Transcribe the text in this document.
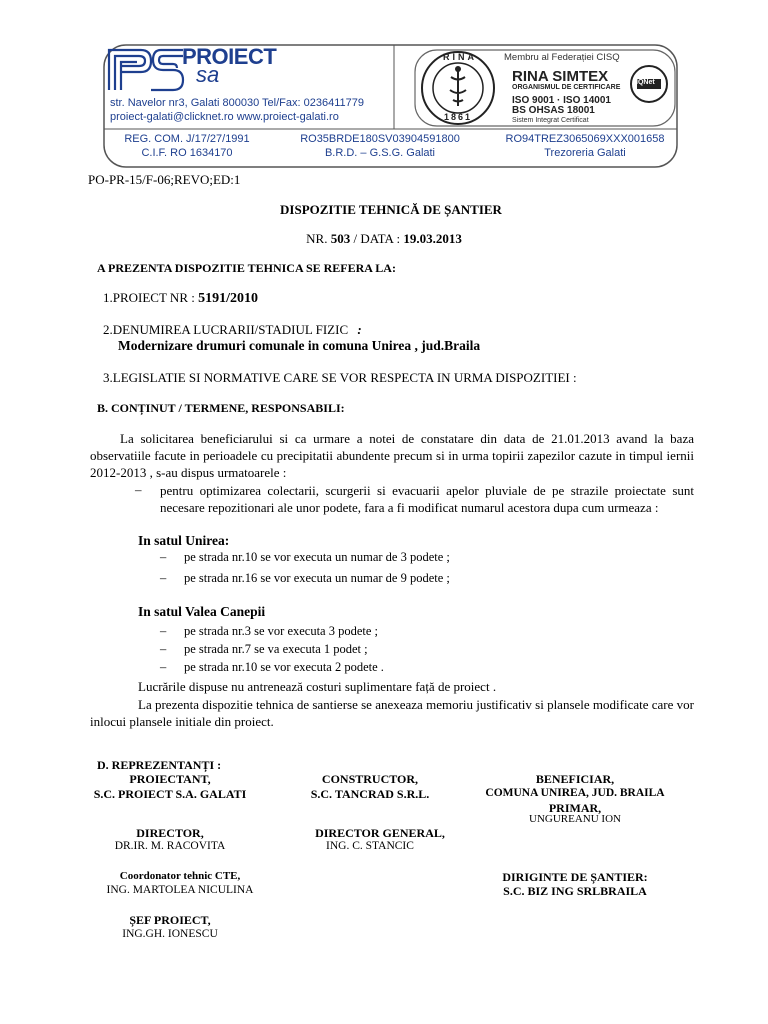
PROIECT
sa
str. Navelor nr3, Galati 800030 Tel/Fax: 0236411779
proiect-galati@clicknet.ro www.proiect-galati.ro
RINA
1861
Membru al Federației CISQ
RINA SIMTEX
ORGANISMUL DE CERTIFICARE
ISO 9001 · ISO 14001
BS OHSAS 18001
Sistem Integrat Certificat
IQNet
REG. COM. J/17/27/1991
C.I.F. RO 1634170
RO35BRDE180SV03904591800
B.R.D. – G.S.G. Galati
RO94TREZ3065069XXX001658
Trezoreria Galati
PO-PR-15/F-06;REVO;ED:1
DISPOZITIE TEHNICĂ DE ȘANTIER
NR. 503 / DATA : 19.03.2013
A PREZENTA DISPOZITIE TEHNICA SE REFERA LA:
1.PROIECT NR : 5191/2010
2.DENUMIREA LUCRARII/STADIUL FIZIC :
Modernizare drumuri comunale in comuna Unirea , jud.Braila
3.LEGISLATIE SI NORMATIVE CARE SE VOR RESPECTA IN URMA DISPOZITIEI :
B. CONȚINUT / TERMENE, RESPONSABILI:
La solicitarea beneficiarului si ca urmare a notei de constatare din data de 21.01.2013 avand la baza observatiile facute in perioadele cu precipitatii abundente precum si in urma topirii zapezilor cazute in timpul iernii 2012-2013 , s-au dispus urmatoarele :
– pentru optimizarea colectarii, scurgerii si evacuarii apelor pluviale de pe strazile proiectate sunt necesare repozitionari ale unor podete, fara a fi modificat numarul acestora dupa cum urmeaza :
In satul Unirea:
– pe strada nr.10 se vor executa un numar de 3 podete ;
– pe strada nr.16 se vor executa un numar de 9 podete ;
In satul Valea Canepii
– pe strada nr.3 se vor executa 3 podete ;
– pe strada nr.7 se va executa 1 podet ;
– pe strada nr.10 se vor executa 2 podete .
Lucrările dispuse nu antrenează costuri suplimentare față de proiect .
La prezenta dispozitie tehnica de santierse se anexeaza memoriu justificativ si plansele modificate care vor inlocui plansele initiale din proiect.
D. REPREZENTANȚI :
PROIECTANT,
S.C. PROIECT S.A. GALATI
CONSTRUCTOR,
S.C. TANCRAD S.R.L.
BENEFICIAR,
COMUNA UNIREA, JUD. BRAILA
PRIMAR,
UNGUREANU ION
DIRECTOR,
DR.IR. M. RACOVITA
DIRECTOR GENERAL,
ING. C. STANCIC
Coordonator tehnic CTE,
ING. MARTOLEA NICULINA
DIRIGINTE DE ȘANTIER:
S.C. BIZ ING SRLBRAILA
ȘEF PROIECT,
ING.GH. IONESCU
